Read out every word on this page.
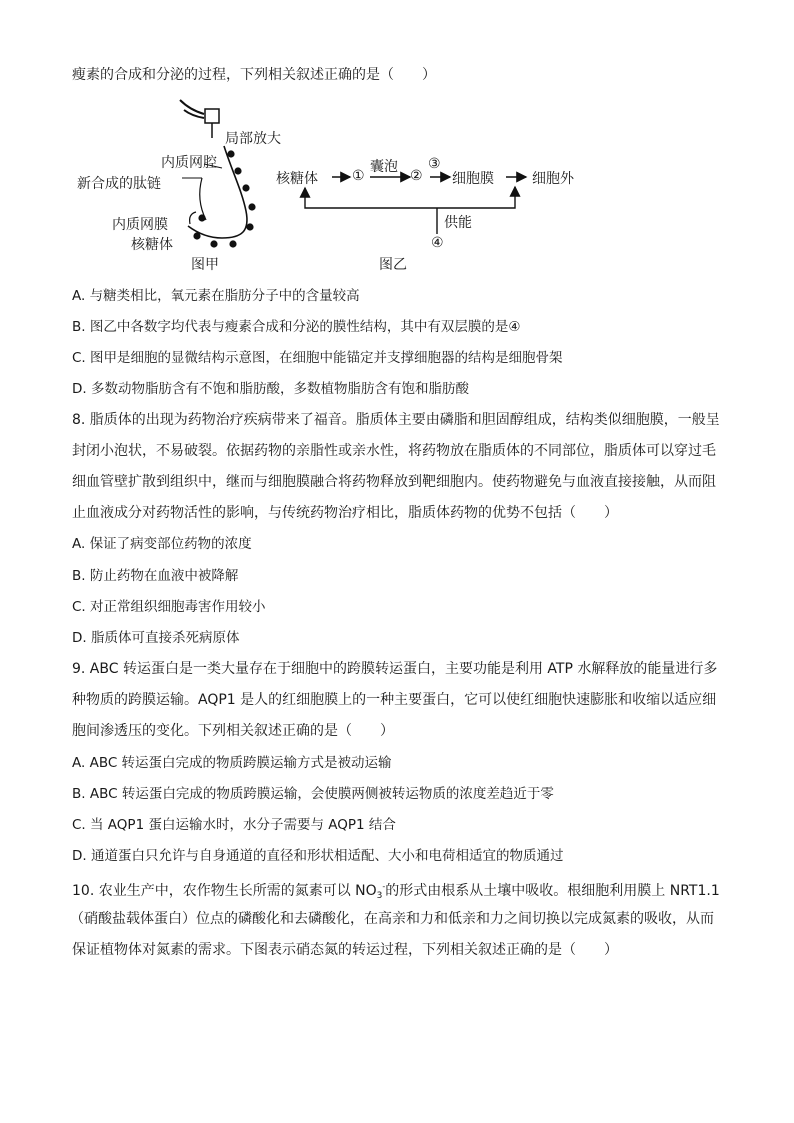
瘦素的合成和分泌的过程，下列相关叙述正确的是（　　）
局部放大
内质网腔
新合成的肽链
内质网膜
核糖体
图甲
核糖体 ①
囊泡
②
③
细胞膜	细胞外
供能
④
图乙
A. 与糖类相比，氧元素在脂肪分子中的含量较高
B. 图乙中各数字均代表与瘦素合成和分泌的膜性结构，其中有双层膜的是④
C. 图甲是细胞的显微结构示意图，在细胞中能锚定并支撑细胞器的结构是细胞骨架
D. 多数动物脂肪含有不饱和脂肪酸，多数植物脂肪含有饱和脂肪酸
8. 脂质体的出现为药物治疗疾病带来了福音。脂质体主要由磷脂和胆固醇组成，结构类似细胞膜，一般呈
封闭小泡状，不易破裂。依据药物的亲脂性或亲水性，将药物放在脂质体的不同部位，脂质体可以穿过毛
细血管壁扩散到组织中，继而与细胞膜融合将药物释放到靶细胞内。使药物避免与血液直接接触，从而阻
止血液成分对药物活性的影响，与传统药物治疗相比，脂质体药物的优势不包括（　　）
A. 保证了病变部位药物的浓度
B. 防止药物在血液中被降解
C. 对正常组织细胞毒害作用较小
D. 脂质体可直接杀死病原体
9. ABC 转运蛋白是一类大量存在于细胞中的跨膜转运蛋白，主要功能是利用 ATP 水解释放的能量进行多
种物质的跨膜运输。AQP1 是人的红细胞膜上的一种主要蛋白，它可以使红细胞快速膨胀和收缩以适应细
胞间渗透压的变化。下列相关叙述正确的是（　　）
A. ABC 转运蛋白完成的物质跨膜运输方式是被动运输
B. ABC 转运蛋白完成的物质跨膜运输，会使膜两侧被转运物质的浓度差趋近于零
C. 当 AQP1 蛋白运输水时，水分子需要与 AQP1 结合
D. 通道蛋白只允许与自身通道的直径和形状相适配、大小和电荷相适宜的物质通过
10. 农业生产中，农作物生长所需的氮素可以 $NO_3^-$的形式由根系从土壤中吸收。根细胞利用膜上 NRT1.1
（硝酸盐载体蛋白）位点的磷酸化和去磷酸化，在高亲和力和低亲和力之间切换以完成氮素的吸收，从而
保证植物体对氮素的需求。下图表示硝态氮的转运过程，下列相关叙述正确的是（　　）
